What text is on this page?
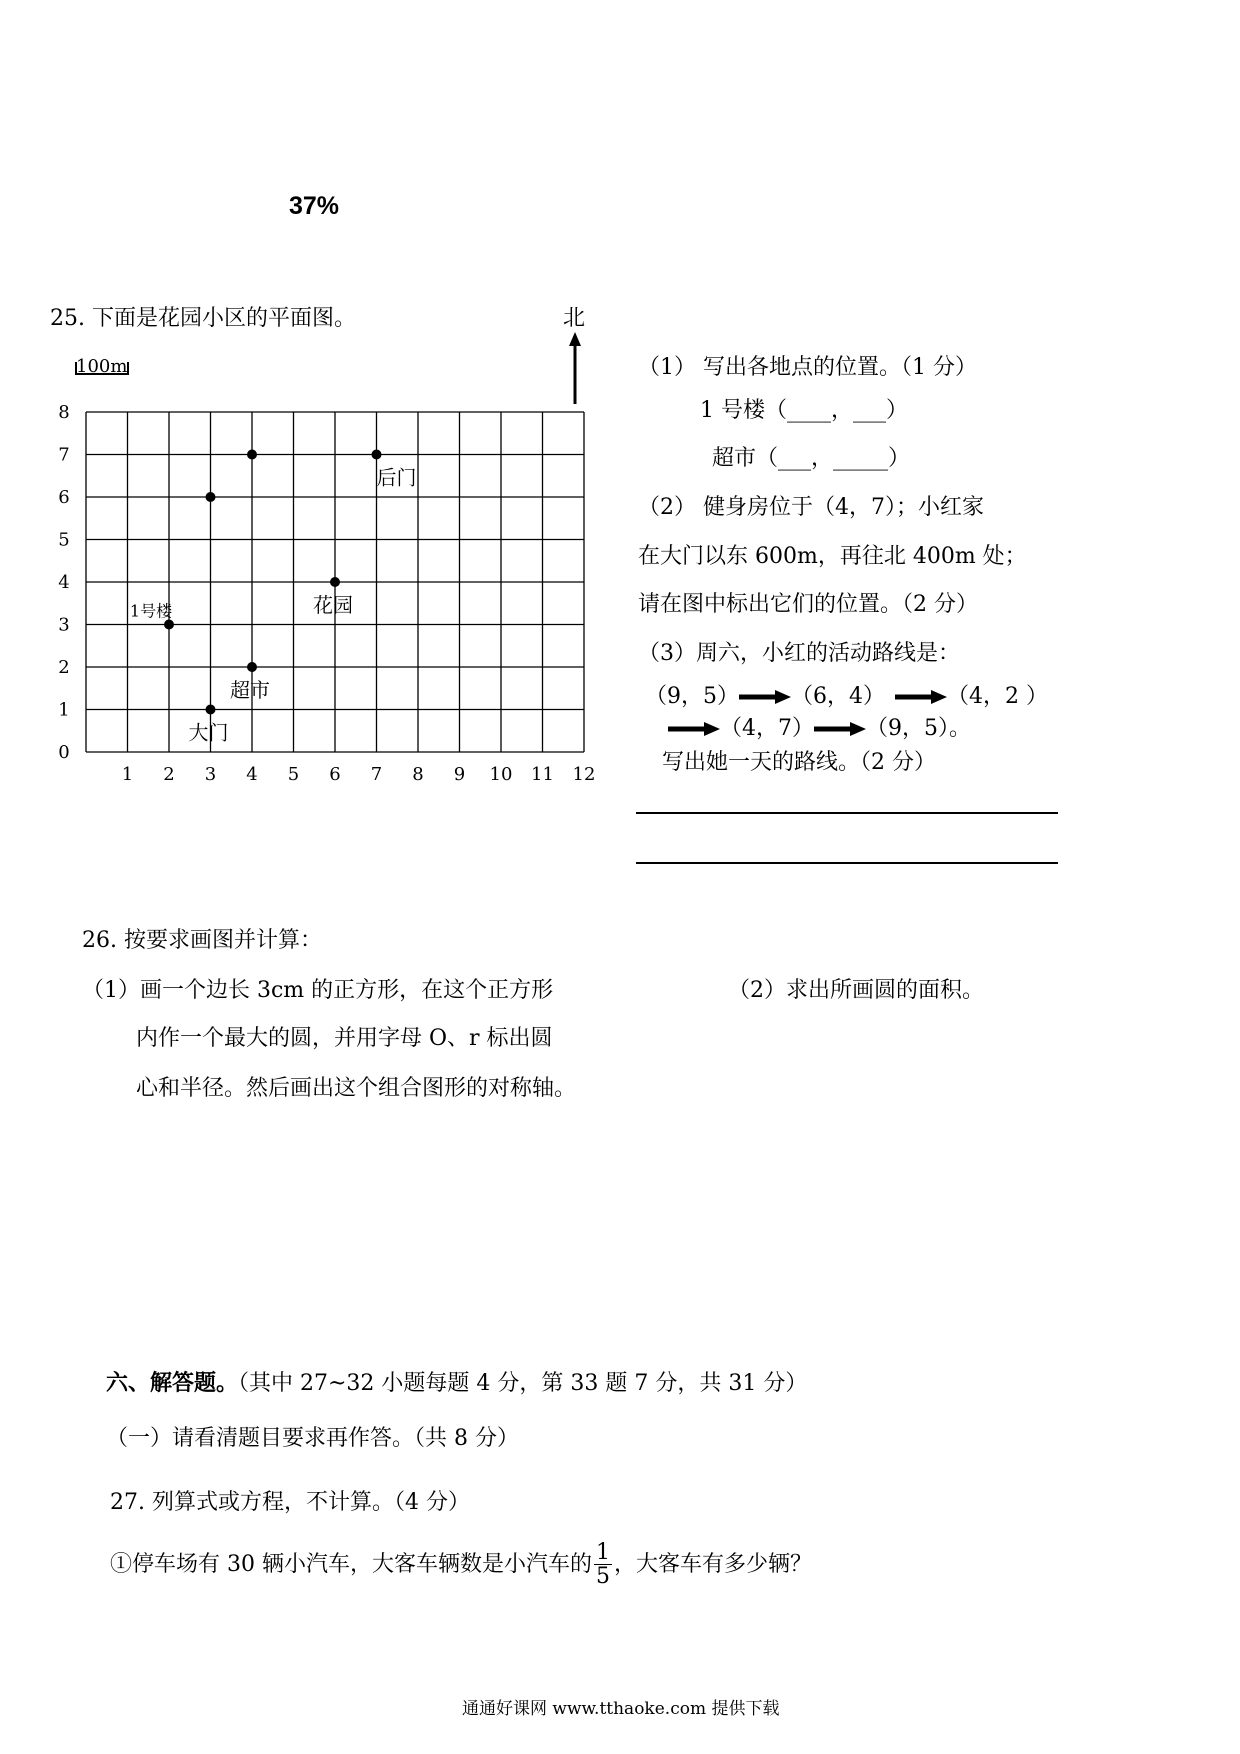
37%
25. 下面是花园小区的平面图。
1 2 3 4 5 6 7 8 9 10 11 12
0
1
2
3
4
5
6
7
8
1号楼
后门
花园
超市
大门
100m
北
（1） 写出各地点的位置。（1 分）
1 号楼（____，___）
超市（___，_____）
（2） 健身房位于（4，7）；小红家
在大门以东 600m，再往北 400m 处；
请在图中标出它们的位置。（2 分）
（3）周六，小红的活动路线是：
（9，5） （6，4）	（4，2 ）
（4，7） （9，5）。
写出她一天的路线。（2 分）
26. 按要求画图并计算：
（1）画一个边长 3cm 的正方形，在这个正方形
内作一个最大的圆，并用字母 O、r 标出圆
心和半径。然后画出这个组合图形的对称轴。
（2）求出所画圆的面积。
六、解答题。（其中 27~32 小题每题 4 分，第 33 题 7 分，共 31 分）
（一）请看清题目要求再作答。（共 8 分）
27. 列算式或方程，不计算。（4 分）
①停车场有 30 辆小汽车，大客车辆数是小汽车的 $\frac{1}{5}$ ，大客车有多少辆？
通通好课网 www.tthaoke.com 提供下载
